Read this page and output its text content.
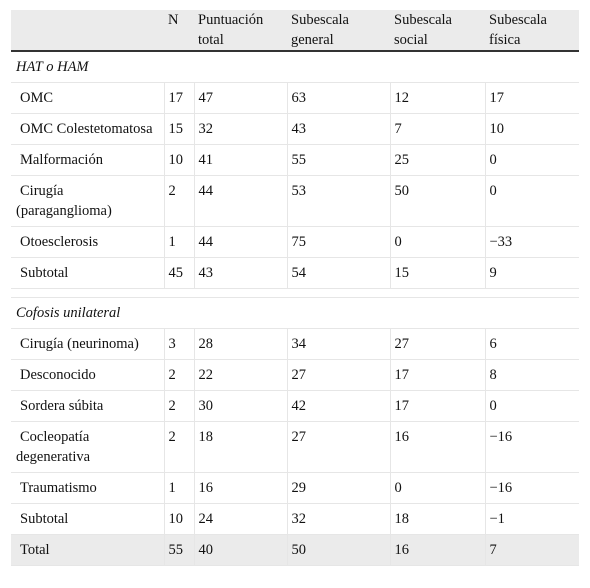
	N	Puntuación total	Subescala general	Subescala social	Subescala física
HAT o HAM					
OMC	17	47	63	12	17
OMC Colestetomatosa	15	32	43	7	10
Malformación	10	41	55	25	0
Cirugía (paraganglioma)	2	44	53	50	0
Otoesclerosis	1	44	75	0	−33
Subtotal	45	43	54	15	9

Cofosis unilateral					
Cirugía (neurinoma)	3	28	34	27	6
Desconocido	2	22	27	17	8
Sordera súbita	2	30	42	17	0
Cocleopatía degenerativa	2	18	27	16	−16
Traumatismo	1	16	29	0	−16
Subtotal	10	24	32	18	−1
Total	55	40	50	16	7
